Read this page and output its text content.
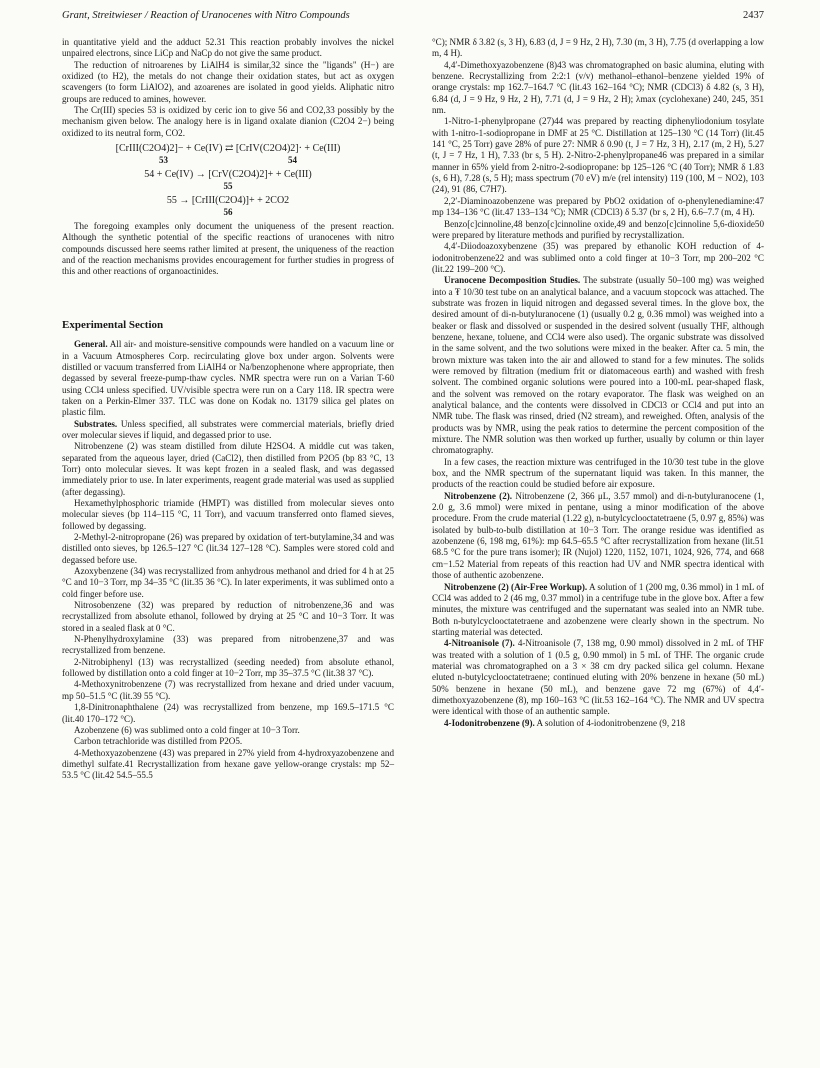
Grant, Streitwieser / Reaction of Uranocenes with Nitro Compounds	2437

in quantitative yield and the adduct 52.31 This reaction probably involves the nickel unpaired electrons, since LiCp and NaCp do not give the same product.

The reduction of nitroarenes by LiAlH4 is similar,32 since the "ligands" (H−) are oxidized (to H2), the metals do not change their oxidation states, but act as oxygen scavengers (to form LiAlO2), and azoarenes are isolated in good yields. Aliphatic nitro groups are reduced to amines, however.

The Cr(III) species 53 is oxidized by ceric ion to give 56 and CO2,33 possibly by the mechanism given below. The analogy here is in ligand oxalate dianion (C2O4 2−) being oxidized to its neutral form, CO2.

[CrIII(C2O4)2]− + Ce(IV) ⇄ [CrIV(C2O4)2]· + Ce(III)
53	54
54 + Ce(IV) → [CrV(C2O4)2]+ + Ce(III)
55
55 → [CrIII(C2O4)]+ + 2CO2
56

The foregoing examples only document the uniqueness of the present reaction. Although the synthetic potential of the specific reactions of uranocenes with nitro compounds discussed here seems rather limited at present, the uniqueness of the reaction and of the reaction mechanisms provides encouragement for further studies in progress of this and other reactions of organoactinides.

Experimental Section

General. All air- and moisture-sensitive compounds were handled on a vacuum line or in a Vacuum Atmospheres Corp. recirculating glove box under argon. Solvents were distilled or vacuum transferred from LiAlH4 or Na/benzophenone where appropriate, then degassed by several freeze-pump-thaw cycles. NMR spectra were run on a Varian T-60 using CCl4 unless specified. UV/visible spectra were run on a Cary 118. IR spectra were taken on a Perkin-Elmer 337. TLC was done on Kodak no. 13179 silica gel plates on plastic film.

Substrates. Unless specified, all substrates were commercial materials, briefly dried over molecular sieves if liquid, and degassed prior to use.

Nitrobenzene (2) was steam distilled from dilute H2SO4. A middle cut was taken, separated from the aqueous layer, dried (CaCl2), then distilled from P2O5 (bp 83 °C, 13 Torr) onto molecular sieves. It was kept frozen in a sealed flask, and was degassed immediately prior to use. In later experiments, reagent grade material was used as supplied (after degassing).

Hexamethylphosphoric triamide (HMPT) was distilled from molecular sieves onto molecular sieves (bp 114–115 °C, 11 Torr), and vacuum transferred onto flamed sieves, followed by degassing.

2-Methyl-2-nitropropane (26) was prepared by oxidation of tert-butylamine,34 and was distilled onto sieves, bp 126.5–127 °C (lit.34 127–128 °C). Samples were stored cold and degassed before use.

Azoxybenzene (34) was recrystallized from anhydrous methanol and dried for 4 h at 25 °C and 10−3 Torr, mp 34–35 °C (lit.35 36 °C). In later experiments, it was sublimed onto a cold finger before use.

Nitrosobenzene (32) was prepared by reduction of nitrobenzene,36 and was recrystallized from absolute ethanol, followed by drying at 25 °C and 10−3 Torr. It was stored in a sealed flask at 0 °C.

N-Phenylhydroxylamine (33) was prepared from nitrobenzene,37 and was recrystallized from benzene.

2-Nitrobiphenyl (13) was recrystallized (seeding needed) from absolute ethanol, followed by distillation onto a cold finger at 10−2 Torr, mp 35–37.5 °C (lit.38 37 °C).

4-Methoxynitrobenzene (7) was recrystallized from hexane and dried under vacuum, mp 50–51.5 °C (lit.39 55 °C).

1,8-Dinitronaphthalene (24) was recrystallized from benzene, mp 169.5–171.5 °C (lit.40 170–172 °C).

Azobenzene (6) was sublimed onto a cold finger at 10−3 Torr.

Carbon tetrachloride was distilled from P2O5.

4-Methoxyazobenzene (43) was prepared in 27% yield from 4-hydroxyazobenzene and dimethyl sulfate.41 Recrystallization from hexane gave yellow-orange crystals: mp 52–53.5 °C (lit.42 54.5–55.5

°C); NMR δ 3.82 (s, 3 H), 6.83 (d, J = 9 Hz, 2 H), 7.30 (m, 3 H), 7.75 (d overlapping a low m, 4 H).

4,4′-Dimethoxyazobenzene (8)43 was chromatographed on basic alumina, eluting with benzene. Recrystallizing from 2:2:1 (v/v) methanol–ethanol–benzene yielded 19% of orange crystals: mp 162.7–164.7 °C (lit.43 162–164 °C); NMR (CDCl3) δ 4.82 (s, 3 H), 6.84 (d, J = 9 Hz, 9 Hz, 2 H), 7.71 (d, J = 9 Hz, 2 H); λmax (cyclohexane) 240, 245, 351 nm.

1-Nitro-1-phenylpropane (27)44 was prepared by reacting diphenyliodonium tosylate with 1-nitro-1-sodiopropane in DMF at 25 °C. Distillation at 125–130 °C (14 Torr) (lit.45 141 °C, 25 Torr) gave 28% of pure 27: NMR δ 0.90 (t, J = 7 Hz, 3 H), 2.17 (m, 2 H), 5.27 (t, J = 7 Hz, 1 H), 7.33 (br s, 5 H). 2-Nitro-2-phenylpropane46 was prepared in a similar manner in 65% yield from 2-nitro-2-sodiopropane: bp 125–126 °C (40 Torr); NMR δ 1.83 (s, 6 H), 7.28 (s, 5 H); mass spectrum (70 eV) m/e (rel intensity) 119 (100, M − NO2), 103 (24), 91 (86, C7H7).

2,2′-Diaminoazobenzene was prepared by PbO2 oxidation of o-phenylenediamine:47 mp 134–136 °C (lit.47 133–134 °C); NMR (CDCl3) δ 5.37 (br s, 2 H), 6.6–7.7 (m, 4 H).

Benzo[c]cinnoline,48 benzo[c]cinnoline oxide,49 and benzo[c]cinnoline 5,6-dioxide50 were prepared by literature methods and purified by recrystallization.

4,4′-Diiodoazoxybenzene (35) was prepared by ethanolic KOH reduction of 4-iodonitrobenzene22 and was sublimed onto a cold finger at 10−3 Torr, mp 200–202 °C (lit.22 199–200 °C).

Uranocene Decomposition Studies. The substrate (usually 50–100 mg) was weighed into a ₮ 10/30 test tube on an analytical balance, and a vacuum stopcock was attached. The substrate was frozen in liquid nitrogen and degassed several times. In the glove box, the desired amount of di-n-butyluranocene (1) (usually 0.2 g, 0.36 mmol) was weighed into a beaker or flask and dissolved or suspended in the desired solvent (usually THF, although benzene, hexane, toluene, and CCl4 were also used). The organic substrate was dissolved in the same solvent, and the two solutions were mixed in the beaker. After ca. 5 min, the brown mixture was taken into the air and allowed to stand for a few minutes. The solids were removed by filtration (medium frit or diatomaceous earth) and washed with fresh solvent. The combined organic solutions were poured into a 100-mL pear-shaped flask, and the solvent was removed on the rotary evaporator. The flask was weighed on an analytical balance, and the contents were dissolved in CDCl3 or CCl4 and put into an NMR tube. The flask was rinsed, dried (N2 stream), and reweighed. Often, analysis of the products was by NMR, using the peak ratios to determine the percent composition of the mixture. The NMR solution was then worked up further, usually by column or thin layer chromatography.

In a few cases, the reaction mixture was centrifuged in the 10/30 test tube in the glove box, and the NMR spectrum of the supernatant liquid was taken. In this manner, the products of the reaction could be studied before air exposure.

Nitrobenzene (2). Nitrobenzene (2, 366 μL, 3.57 mmol) and di-n-butyluranocene (1, 2.0 g, 3.6 mmol) were mixed in pentane, using a minor modification of the above procedure. From the crude material (1.22 g), n-butylcyclooctatetraene (5, 0.97 g, 85%) was isolated by bulb-to-bulb distillation at 10−3 Torr. The orange residue was identified as azobenzene (6, 198 mg, 61%): mp 64.5–65.5 °C after recrystallization from hexane (lit.51 68.5 °C for the pure trans isomer); IR (Nujol) 1220, 1152, 1071, 1024, 926, 774, and 668 cm−1.52 Material from repeats of this reaction had UV and NMR spectra identical with those of authentic azobenzene.

Nitrobenzene (2) (Air-Free Workup). A solution of 1 (200 mg, 0.36 mmol) in 1 mL of CCl4 was added to 2 (46 mg, 0.37 mmol) in a centrifuge tube in the glove box. After a few minutes, the mixture was centrifuged and the supernatant was sealed into an NMR tube. Both n-butylcyclooctatetraene and azobenzene were clearly shown in the spectrum. No starting material was detected.

4-Nitroanisole (7). 4-Nitroanisole (7, 138 mg, 0.90 mmol) dissolved in 2 mL of THF was treated with a solution of 1 (0.5 g, 0.90 mmol) in 5 mL of THF. The organic crude material was chromatographed on a 3 × 38 cm dry packed silica gel column. Hexane eluted n-butylcyclooctatetraene; continued eluting with 20% benzene in hexane (50 mL) 50% benzene in hexane (50 mL), and benzene gave 72 mg (67%) of 4,4′-dimethoxyazobenzene (8), mp 160–163 °C (lit.53 162–164 °C). The NMR and UV spectra were identical with those of an authentic sample.

4-Iodonitrobenzene (9). A solution of 4-iodonitrobenzene (9, 218
